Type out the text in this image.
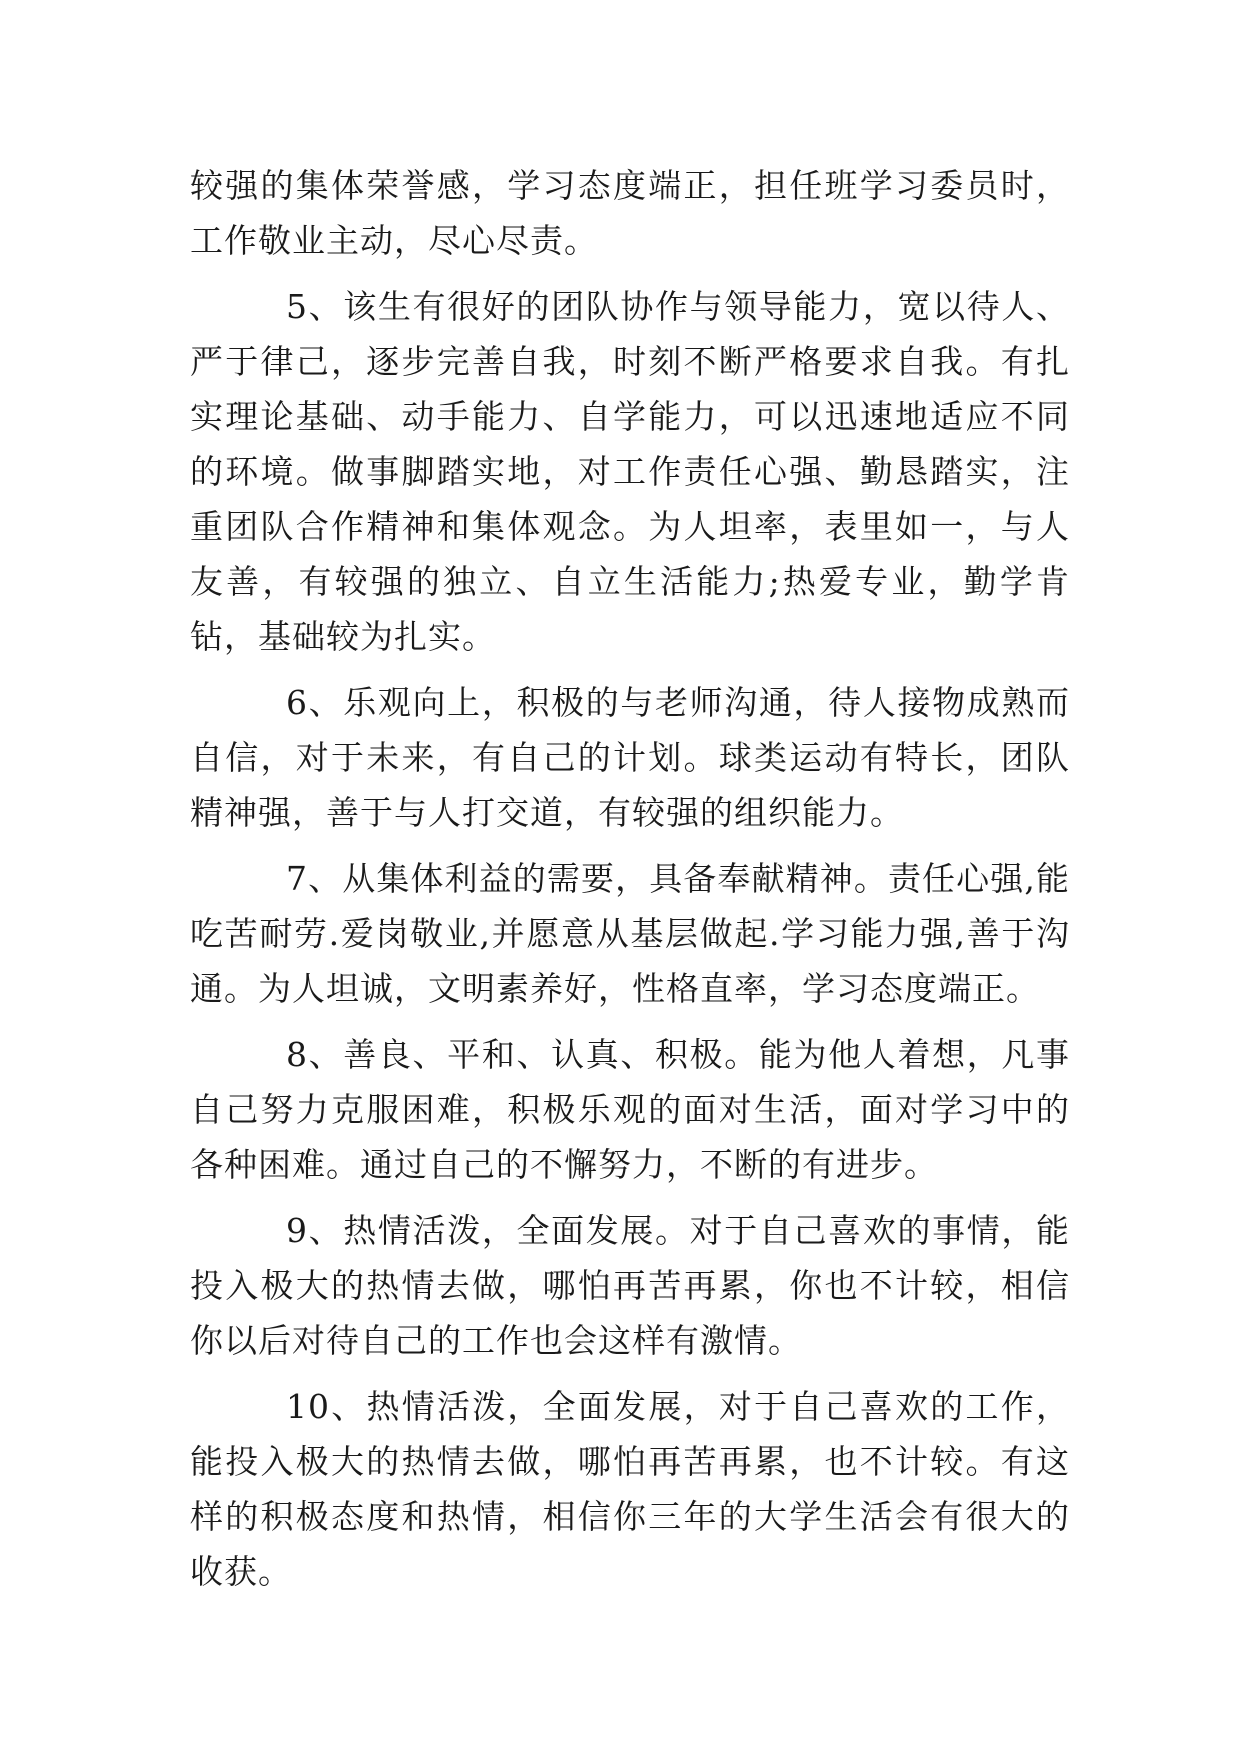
较强的集体荣誉感，学习态度端正，担任班学习委员时，工作敬业主动，尽心尽责。

5、该生有很好的团队协作与领导能力，宽以待人、严于律己，逐步完善自我，时刻不断严格要求自我。有扎实理论基础、动手能力、自学能力，可以迅速地适应不同的环境。做事脚踏实地，对工作责任心强、勤恳踏实，注重团队合作精神和集体观念。为人坦率，表里如一，与人友善，有较强的独立、自立生活能力;热爱专业，勤学肯钻，基础较为扎实。

6、乐观向上，积极的与老师沟通，待人接物成熟而自信，对于未来，有自己的计划。球类运动有特长，团队精神强，善于与人打交道，有较强的组织能力。

7、从集体利益的需要，具备奉献精神。责任心强,能吃苦耐劳.爱岗敬业,并愿意从基层做起.学习能力强,善于沟通。为人坦诚，文明素养好，性格直率，学习态度端正。

8、善良、平和、认真、积极。能为他人着想，凡事自己努力克服困难，积极乐观的面对生活，面对学习中的各种困难。通过自己的不懈努力，不断的有进步。

9、热情活泼，全面发展。对于自己喜欢的事情，能投入极大的热情去做，哪怕再苦再累，你也不计较，相信你以后对待自己的工作也会这样有激情。

10、热情活泼，全面发展，对于自己喜欢的工作，能投入极大的热情去做，哪怕再苦再累，也不计较。有这样的积极态度和热情，相信你三年的大学生活会有很大的收获。
